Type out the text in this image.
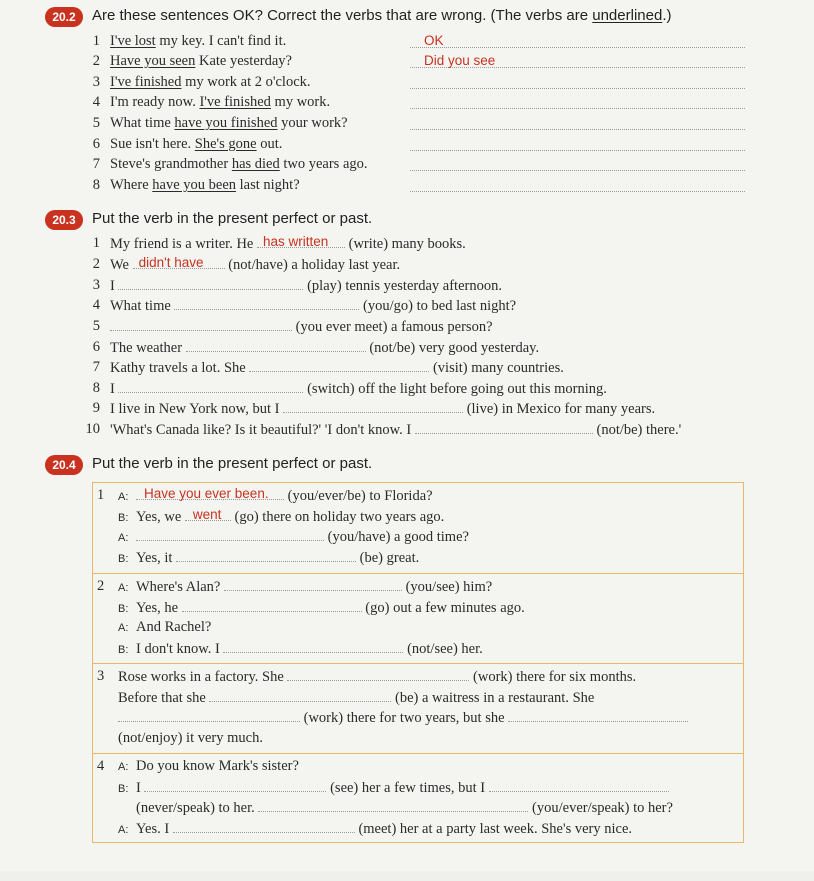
20.2	Are these sentences OK? Correct the verbs that are wrong. (The verbs are underlined.)
1 I've lost my key. I can't find it.	OK
2 Have you seen Kate yesterday?	Did you see
3 I've finished my work at 2 o'clock.
4 I'm ready now. I've finished my work.
5 What time have you finished your work?
6 Sue isn't here. She's gone out.
7 Steve's grandmother has died two years ago.
8 Where have you been last night?
20.3	Put the verb in the present perfect or past.
1 My friend is a writer. He has written (write) many books.
2 We didn't have (not/have) a holiday last year.
3 I	(play) tennis yesterday afternoon.
4 What time	(you/go) to bed last night?
5	(you ever meet) a famous person?
6 The weather	(not/be) very good yesterday.
7 Kathy travels a lot. She	(visit) many countries.
8 I	(switch) off the light before going out this morning.
9 I live in New York now, but I	(live) in Mexico for many years.
10 'What's Canada like? Is it beautiful?' 'I don't know. I	(not/be) there.'
20.4	Put the verb in the present perfect or past.
1 A: Have you ever been. (you/ever/be) to Florida?
B: Yes, we went (go) there on holiday two years ago.
A:	(you/have) a good time?
B: Yes, it	(be) great.
2 A: Where's Alan?	(you/see) him?
B: Yes, he	(go) out a few minutes ago.
A: And Rachel?
B: I don't know. I	(not/see) her.
3 Rose works in a factory. She	(work) there for six months.
Before that she	(be) a waitress in a restaurant. She
(work) there for two years, but she
(not/enjoy) it very much.
4 A: Do you know Mark's sister?
B: I	(see) her a few times, but I
(never/speak) to her.	(you/ever/speak) to her?
A: Yes. I	(meet) her at a party last week. She's very nice.
